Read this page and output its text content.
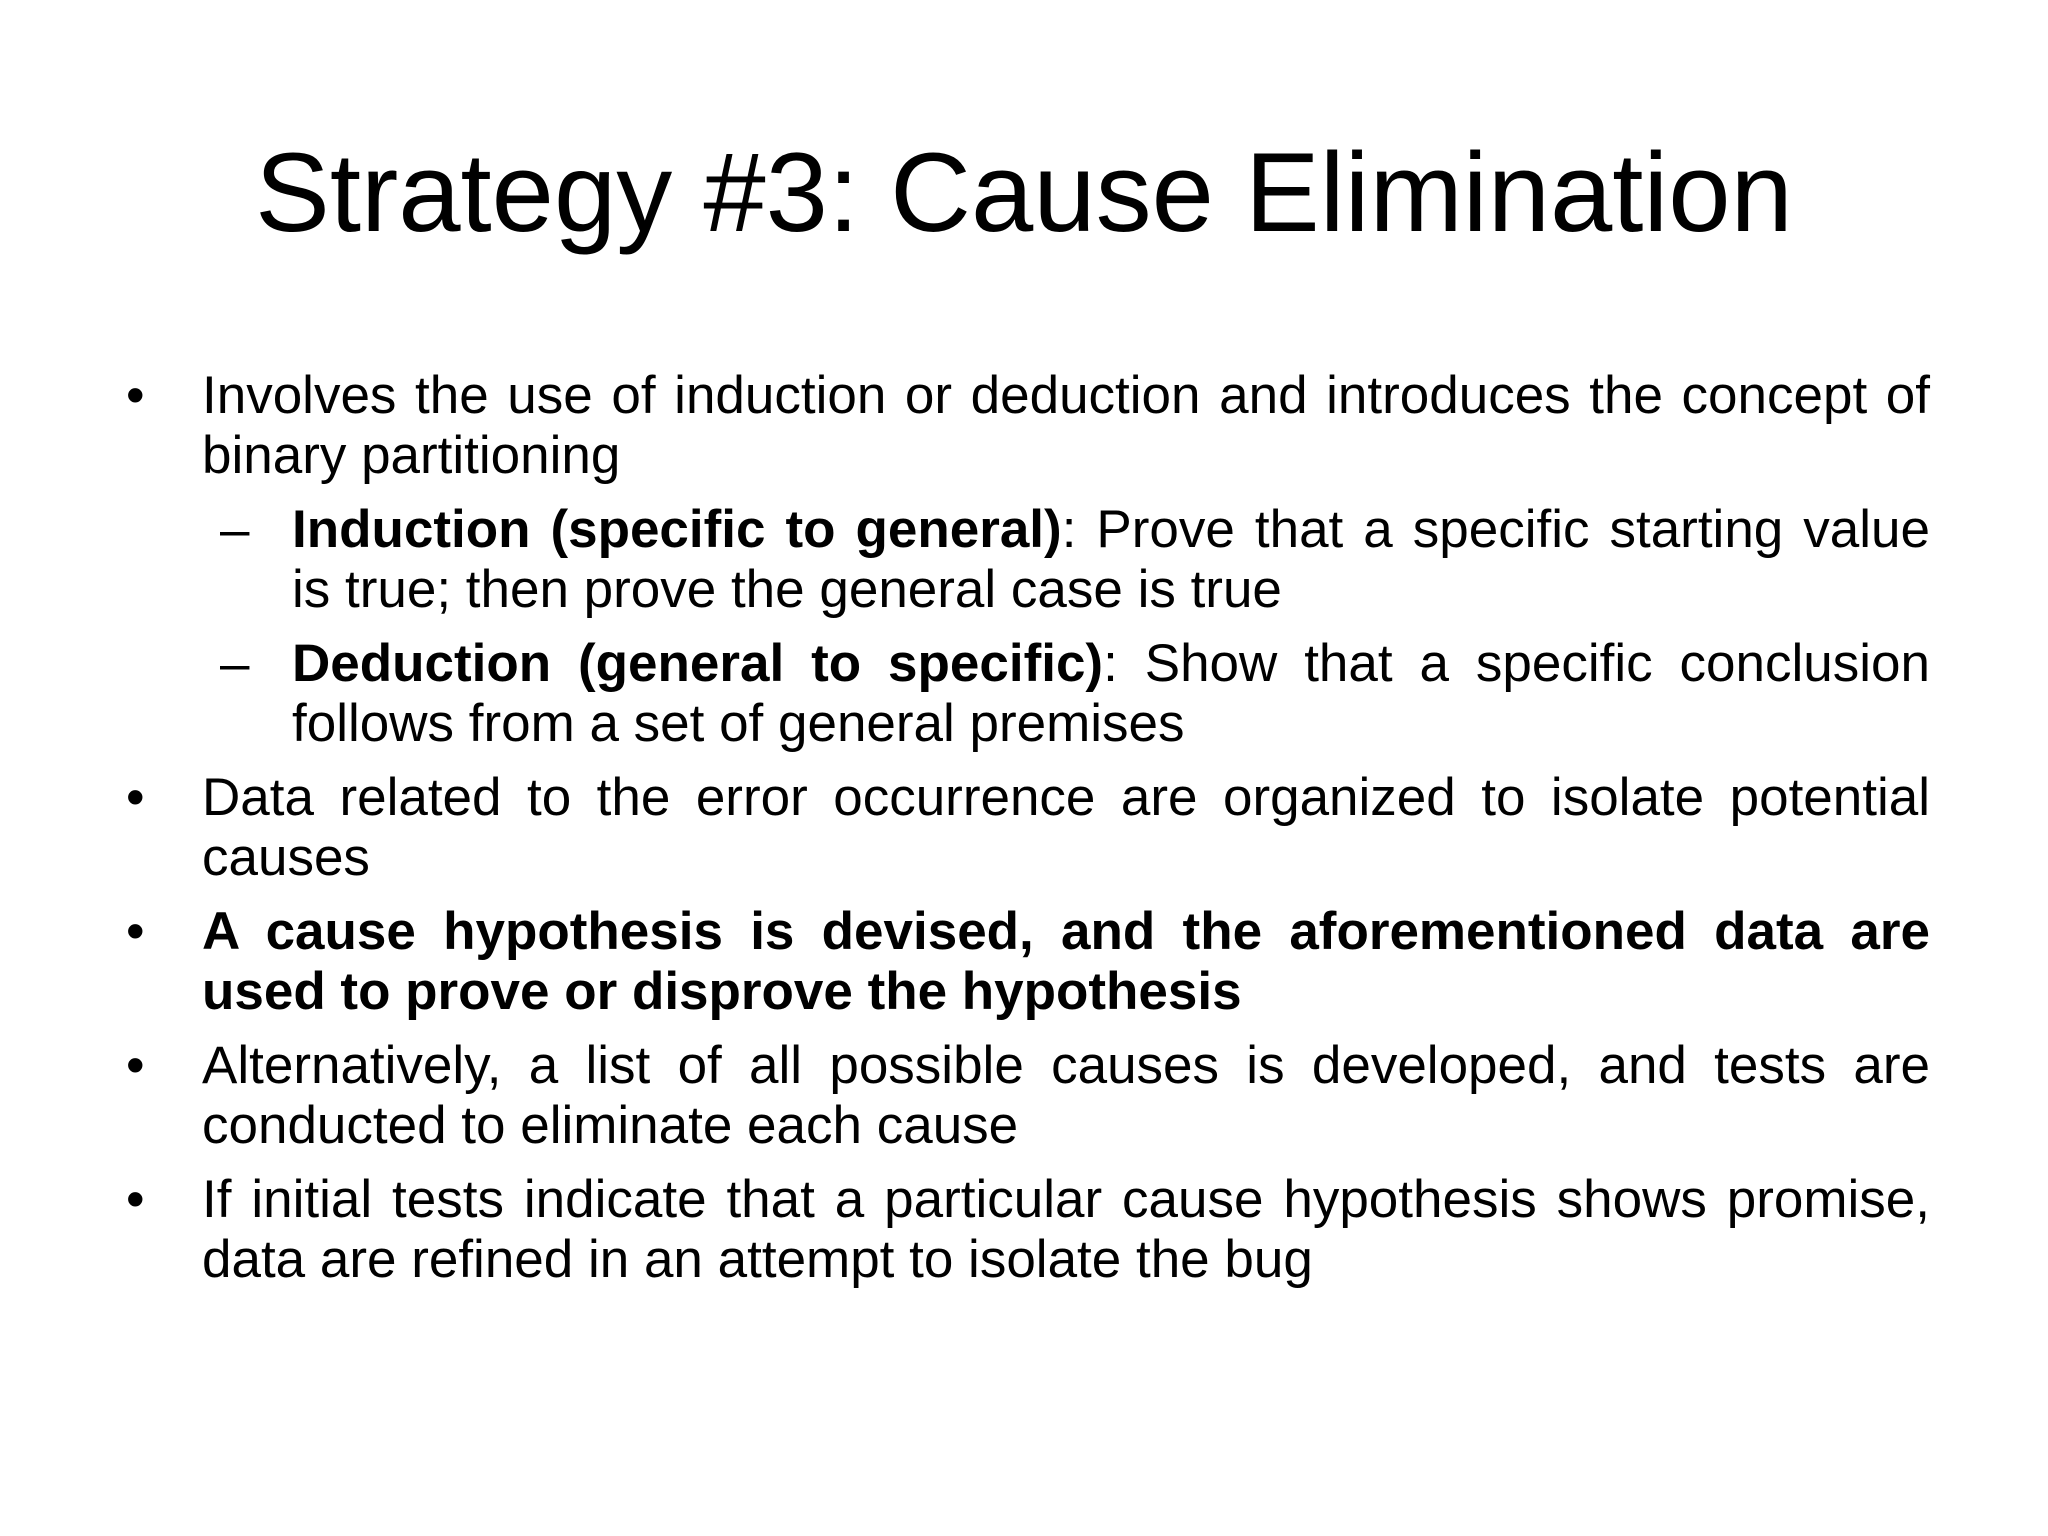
Strategy #3: Cause Elimination
• Involves the use of induction or deduction and introduces the concept of binary partitioning
– Induction (specific to general): Prove that a specific starting value is true; then prove the general case is true
– Deduction (general to specific): Show that a specific conclusion follows from a set of general premises
• Data related to the error occurrence are organized to isolate potential causes
• A cause hypothesis is devised, and the aforementioned data are used to prove or disprove the hypothesis
• Alternatively, a list of all possible causes is developed, and tests are conducted to eliminate each cause
• If initial tests indicate that a particular cause hypothesis shows promise, data are refined in an attempt to isolate the bug
